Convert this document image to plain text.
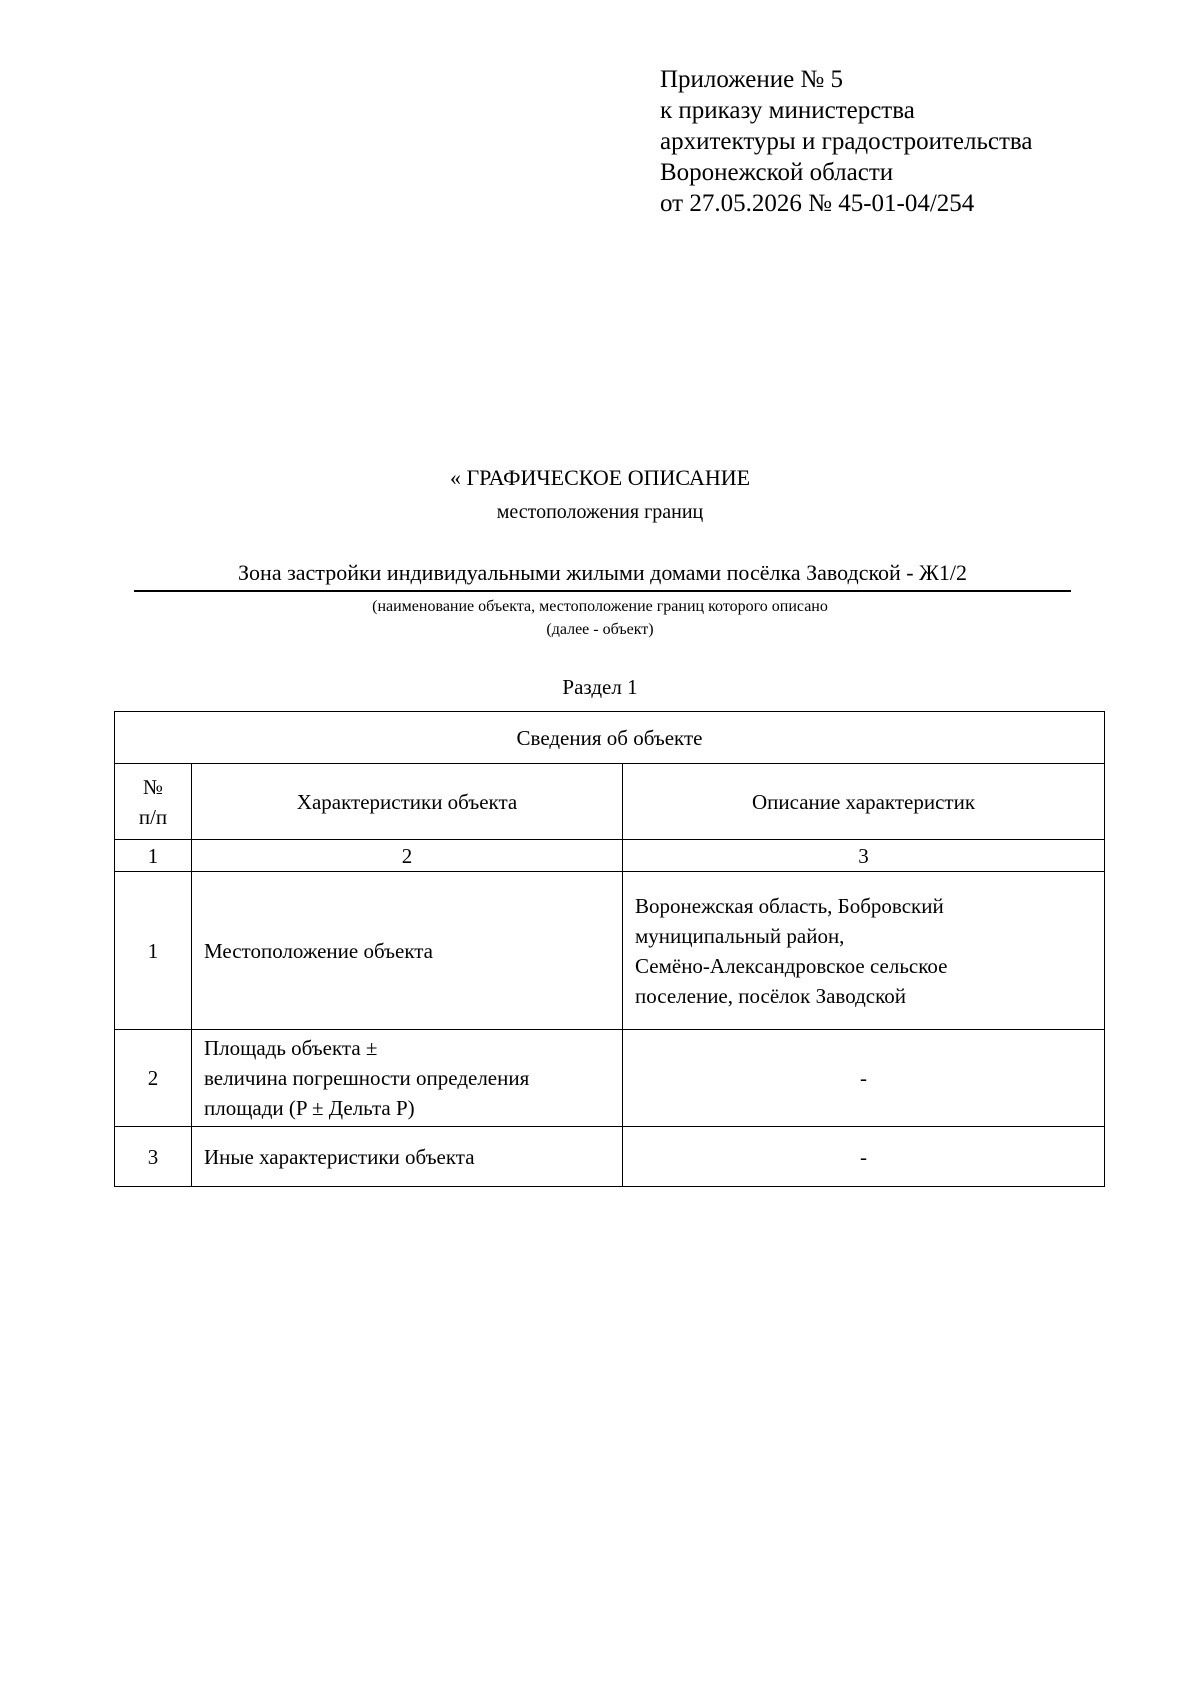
Приложение № 5
к приказу министерства
архитектуры и градостроительства
Воронежской области
от 27.05.2026 № 45-01-04/254
« ГРАФИЧЕСКОЕ ОПИСАНИЕ
местоположения границ
Зона застройки индивидуальными жилыми домами посёлка Заводской - Ж1/2
(наименование объекта, местоположение границ которого описано
(далее - объект)
Раздел 1
Сведения об объекте		

№
п/п	Характеристики объекта	Описание характеристик
1	2	3
1	Местоположение объекта	Воронежская область, Бобровский
муниципальный район,
Семёно-Александровское сельское
поселение, посёлок Заводской

2	Площадь объекта ±
величина погрешности определения
площади (P ± Дельта P)	-

3	Иные характеристики объекта	-
